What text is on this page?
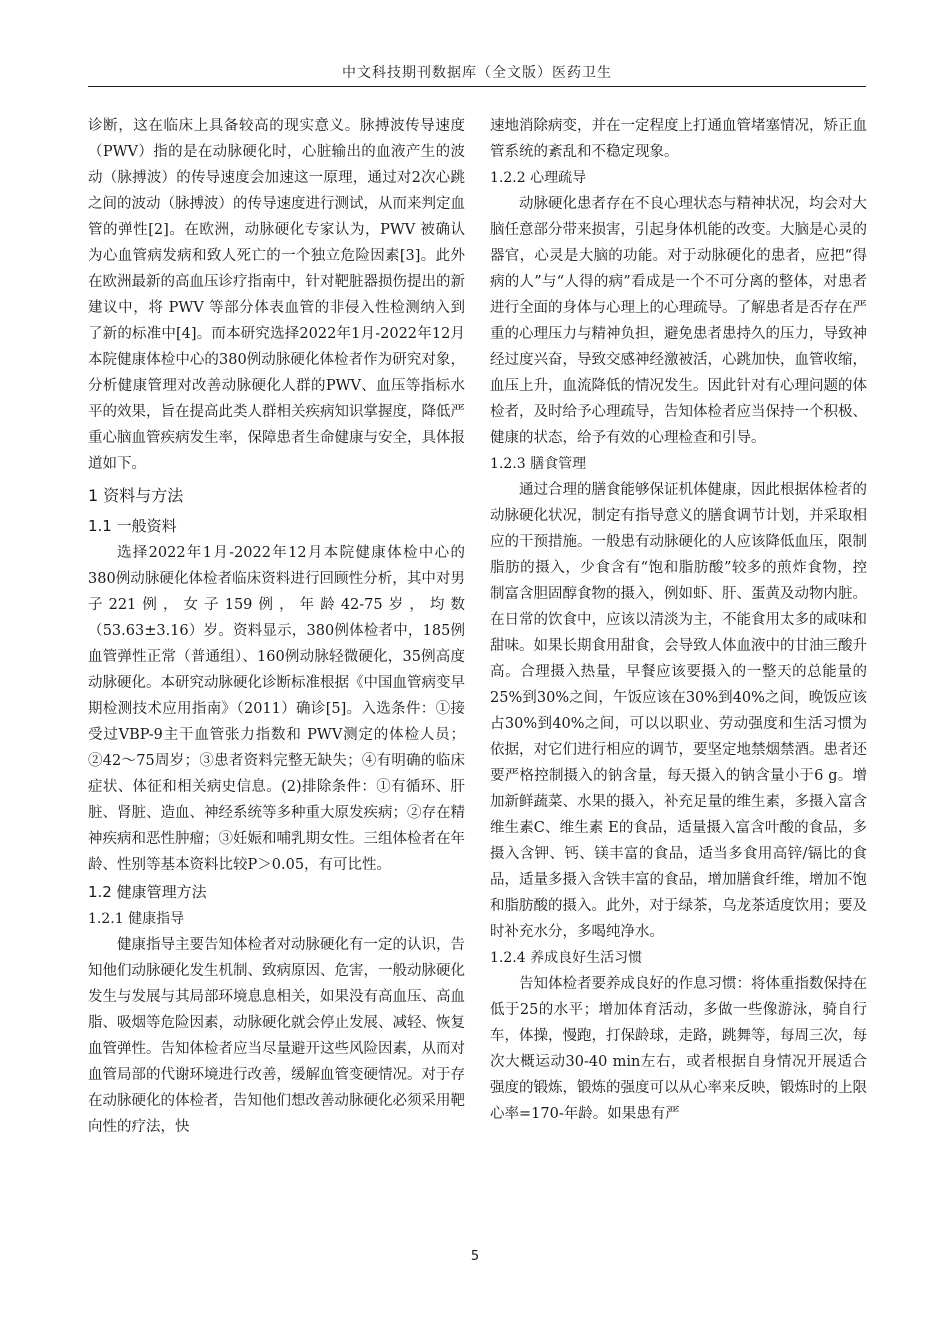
中文科技期刊数据库（全文版）医药卫生

诊断，这在临床上具备较高的现实意义。脉搏波传导速度（PWV）指的是在动脉硬化时，心脏输出的血液产生的波动（脉搏波）的传导速度会加速这一原理，通过对2次心跳之间的波动（脉搏波）的传导速度进行测试，从而来判定血管的弹性[2]。在欧洲，动脉硬化专家认为，PWV 被确认为心血管病发病和致人死亡的一个独立危险因素[3]。此外在欧洲最新的高血压诊疗指南中，针对靶脏器损伤提出的新建议中，将 PWV 等部分体表血管的非侵入性检测纳入到了新的标准中[4]。而本研究选择2022年1月-2022年12月本院健康体检中心的380例动脉硬化体检者作为研究对象，分析健康管理对改善动脉硬化人群的PWV、血压等指标水平的效果，旨在提高此类人群相关疾病知识掌握度，降低严重心脑血管疾病发生率，保障患者生命健康与安全，具体报道如下。

1 资料与方法
1.1 一般资料

选择2022年1月-2022年12月本院健康体检中心的380例动脉硬化体检者临床资料进行回顾性分析，其中对男子221例，女子159例，年龄42-75岁，均数（53.63±3.16）岁。资料显示，380例体检者中，185例血管弹性正常（普通组）、160例动脉轻微硬化，35例高度动脉硬化。本研究动脉硬化诊断标准根据《中国血管病变早期检测技术应用指南》（2011）确诊[5]。入选条件：①接受过VBP-9主干血管张力指数和 PWV测定的体检人员；②42～75周岁；③患者资料完整无缺失；④有明确的临床症状、体征和相关病史信息。(2)排除条件：①有循环、肝脏、肾脏、造血、神经系统等多种重大原发疾病；②存在精神疾病和恶性肿瘤；③妊娠和哺乳期女性。三组体检者在年龄、性别等基本资料比较P＞0.05，有可比性。

1.2 健康管理方法
1.2.1 健康指导

健康指导主要告知体检者对动脉硬化有一定的认识，告知他们动脉硬化发生机制、致病原因、危害，一般动脉硬化发生与发展与其局部环境息息相关，如果没有高血压、高血脂、吸烟等危险因素，动脉硬化就会停止发展、减轻、恢复血管弹性。告知体检者应当尽量避开这些风险因素，从而对血管局部的代谢环境进行改善，缓解血管变硬情况。对于存在动脉硬化的体检者，告知他们想改善动脉硬化必须采用靶向性的疗法，快

速地消除病变，并在一定程度上打通血管堵塞情况，矫正血管系统的紊乱和不稳定现象。

1.2.2 心理疏导

动脉硬化患者存在不良心理状态与精神状况，均会对大脑任意部分带来损害，引起身体机能的改变。大脑是心灵的器官，心灵是大脑的功能。对于动脉硬化的患者，应把“得病的人”与“人得的病”看成是一个不可分离的整体，对患者进行全面的身体与心理上的心理疏导。了解患者是否存在严重的心理压力与精神负担，避免患者患持久的压力，导致神经过度兴奋，导致交感神经激被活，心跳加快，血管收缩，血压上升，血流降低的情况发生。因此针对有心理问题的体检者，及时给予心理疏导，告知体检者应当保持一个积极、健康的状态，给予有效的心理检查和引导。

1.2.3 膳食管理

通过合理的膳食能够保证机体健康，因此根据体检者的动脉硬化状况，制定有指导意义的膳食调节计划，并采取相应的干预措施。一般患有动脉硬化的人应该降低血压，限制脂肪的摄入，少食含有“饱和脂肪酸”较多的煎炸食物，控制富含胆固醇食物的摄入，例如虾、肝、蛋黄及动物内脏。在日常的饮食中，应该以清淡为主，不能食用太多的咸味和甜味。如果长期食用甜食，会导致人体血液中的甘油三酸升高。合理摄入热量，早餐应该要摄入的一整天的总能量的25%到30%之间，午饭应该在30%到40%之间，晚饭应该占30%到40%之间，可以以职业、劳动强度和生活习惯为依据，对它们进行相应的调节，要坚定地禁烟禁酒。患者还要严格控制摄入的钠含量，每天摄入的钠含量小于6 g。增加新鲜蔬菜、水果的摄入，补充足量的维生素，多摄入富含维生素C、维生素 E的食品，适量摄入富含叶酸的食品，多摄入含钾、钙、镁丰富的食品，适当多食用高锌/镉比的食品，适量多摄入含铁丰富的食品，增加膳食纤维，增加不饱和脂肪酸的摄入。此外，对于绿茶，乌龙茶适度饮用；要及时补充水分，多喝纯净水。

1.2.4 养成良好生活习惯

告知体检者要养成良好的作息习惯：将体重指数保持在低于25的水平；增加体育活动，多做一些像游泳，骑自行车，体操，慢跑，打保龄球，走路，跳舞等，每周三次，每次大概运动30-40 min左右，或者根据自身情况开展适合强度的锻炼，锻炼的强度可以从心率来反映，锻炼时的上限心率=170-年龄。如果患有严

5
